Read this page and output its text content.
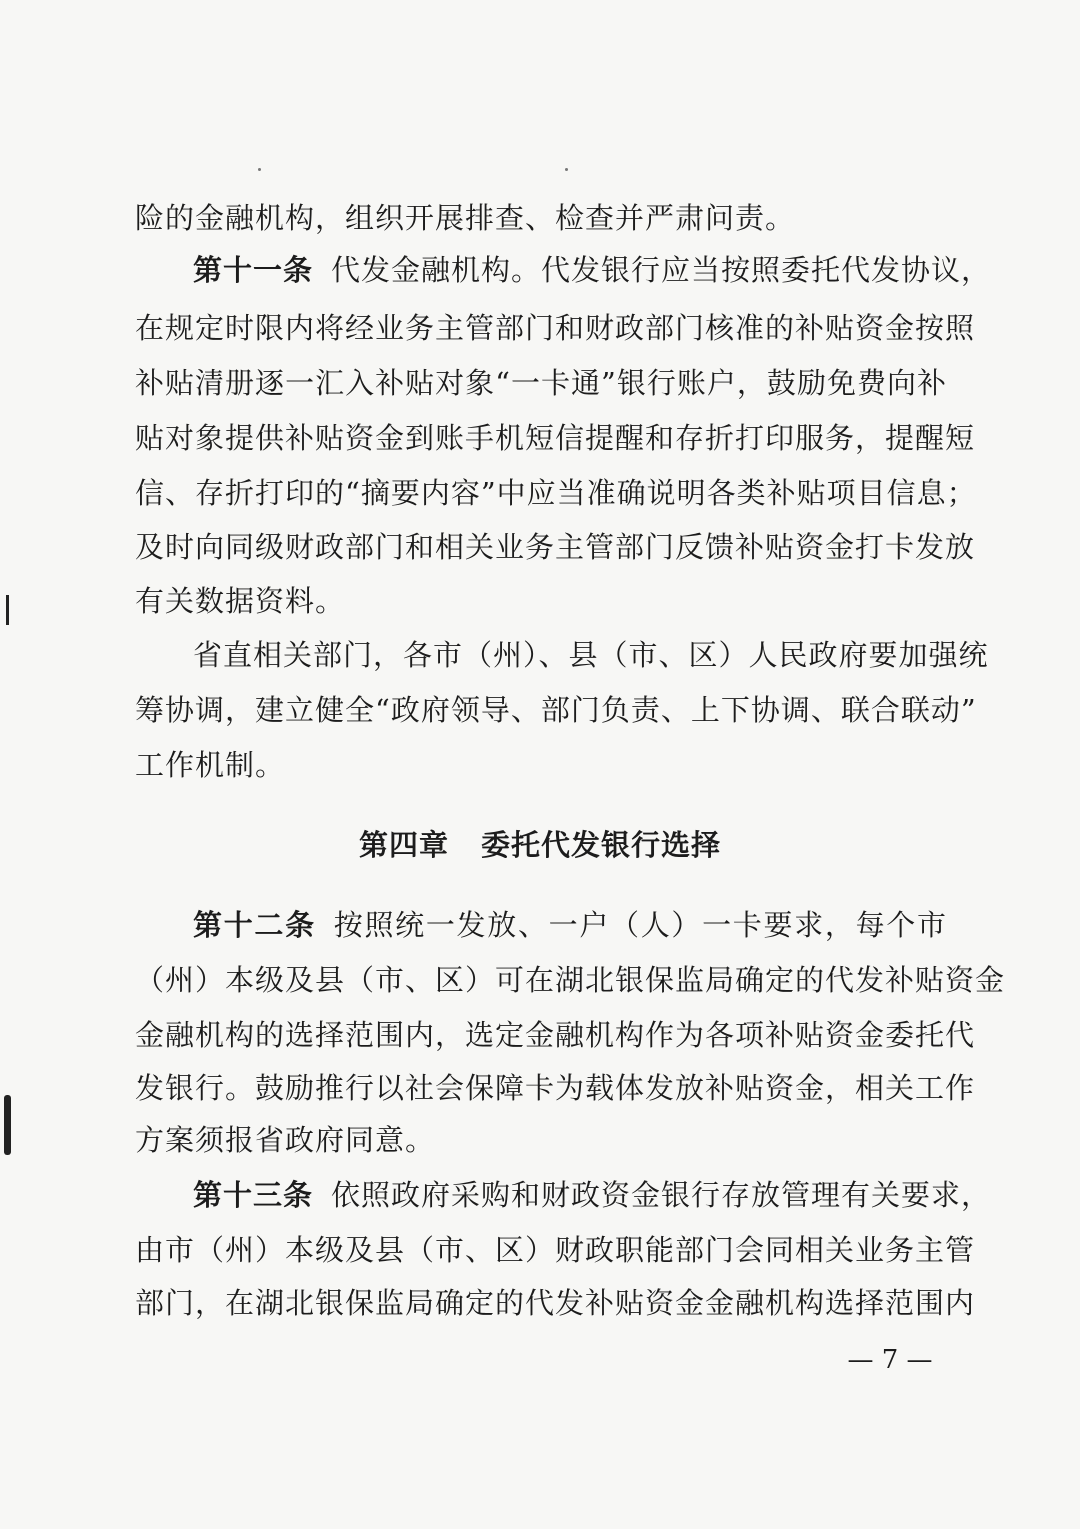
险的金融机构，组织开展排查、检查并严肃问责。
第十一条 代发金融机构。代发银行应当按照委托代发协议，
在规定时限内将经业务主管部门和财政部门核准的补贴资金按照
补贴清册逐一汇入补贴对象“一卡通”银行账户，鼓励免费向补
贴对象提供补贴资金到账手机短信提醒和存折打印服务，提醒短
信、存折打印的“摘要内容”中应当准确说明各类补贴项目信息；
及时向同级财政部门和相关业务主管部门反馈补贴资金打卡发放
有关数据资料。
省直相关部门，各市（州）、县（市、区）人民政府要加强统
筹协调，建立健全“政府领导、部门负责、上下协调、联合联动”
工作机制。
第四章 委托代发银行选择
第十二条 按照统一发放、一户（人）一卡要求，每个市
（州）本级及县（市、区）可在湖北银保监局确定的代发补贴资金
金融机构的选择范围内，选定金融机构作为各项补贴资金委托代
发银行。鼓励推行以社会保障卡为载体发放补贴资金，相关工作
方案须报省政府同意。
第十三条 依照政府采购和财政资金银行存放管理有关要求，
由市（州）本级及县（市、区）财政职能部门会同相关业务主管
部门，在湖北银保监局确定的代发补贴资金金融机构选择范围内
— 7 —
